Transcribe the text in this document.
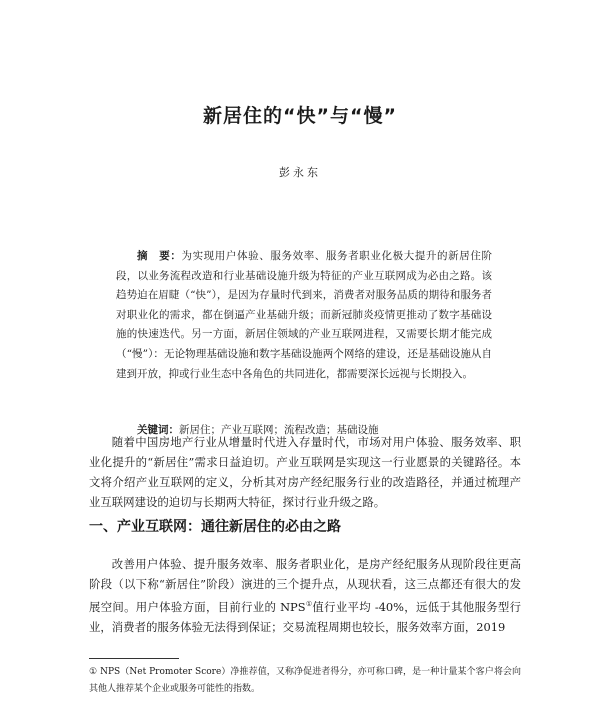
新居住的“快”与“慢”
彭永东
摘　要：为实现用户体验、服务效率、服务者职业化极大提升的新居住阶段，以业务流程改造和行业基础设施升级为特征的产业互联网成为必由之路。该趋势迫在眉睫（“快”），是因为存量时代到来，消费者对服务品质的期待和服务者对职业化的需求，都在倒逼产业基础升级；而新冠肺炎疫情更推动了数字基础设施的快速迭代。另一方面，新居住领域的产业互联网进程，又需要长期才能完成（“慢”）：无论物理基础设施和数字基础设施两个网络的建设，还是基础设施从自建到开放，抑或行业生态中各角色的共同进化，都需要深长远视与长期投入。
关键词：新居住；产业互联网；流程改造；基础设施
随着中国房地产行业从增量时代进入存量时代，市场对用户体验、服务效率、职业化提升的“新居住”需求日益迫切。产业互联网是实现这一行业愿景的关键路径。本文将介绍产业互联网的定义，分析其对房产经纪服务行业的改造路径，并通过梳理产业互联网建设的迫切与长期两大特征，探讨行业升级之路。
一、产业互联网：通往新居住的必由之路
改善用户体验、提升服务效率、服务者职业化，是房产经纪服务从现阶段往更高阶段（以下称“新居住”阶段）演进的三个提升点，从现状看，这三点都还有很大的发展空间。用户体验方面，目前行业的 NPS①值行业平均 -40%，远低于其他服务型行业，消费者的服务体验无法得到保证；交易流程周期也较长，服务效率方面，2019
① NPS（Net Promoter Score）净推荐值，又称净促进者得分，亦可称口碑，是一种计量某个客户将会向其他人推荐某个企业或服务可能性的指数。
